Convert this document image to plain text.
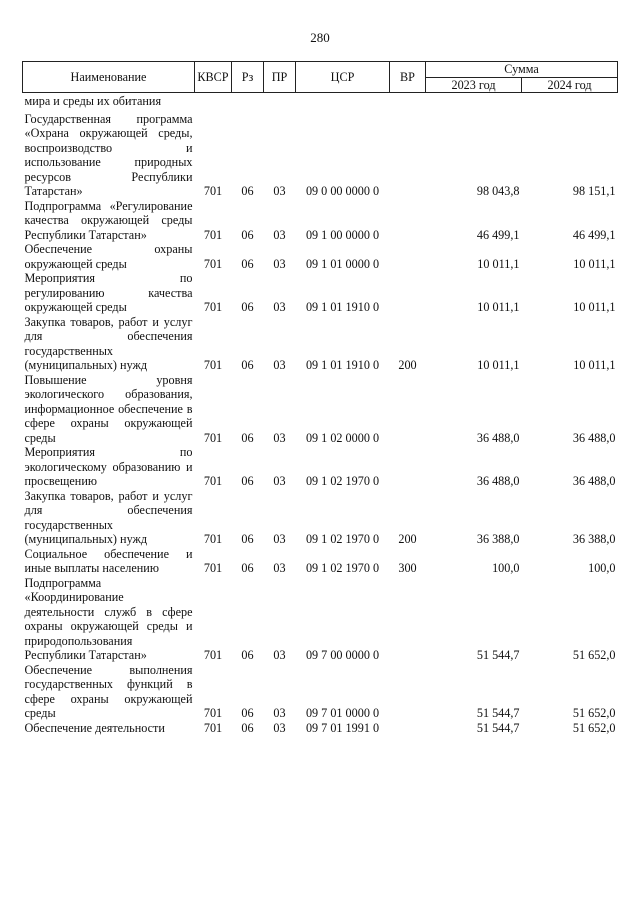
280
Наименование	КВСР	Рз	ПР	ЦСР	ВР	Сумма	
						2023 год	2024 год
мира и среды их обитания							
Государственная программа «Охрана окружающей среды, воспроизводство и использование природных ресурсов Республики Татарстан»	701	06	03	09 0 00 0000 0		98 043,8	98 151,1
Подпрограмма «Регулирование качества окружающей среды Республики Татарстан»	701	06	03	09 1 00 0000 0		46 499,1	46 499,1
Обеспечение охраны окружающей среды	701	06	03	09 1 01 0000 0		10 011,1	10 011,1
Мероприятия по регулированию качества окружающей среды	701	06	03	09 1 01 1910 0		10 011,1	10 011,1
Закупка товаров, работ и услуг для обеспечения государственных (муниципальных) нужд	701	06	03	09 1 01 1910 0	200	10 011,1	10 011,1
Повышение уровня экологического образования, информационное обеспечение в сфере охраны окружающей среды	701	06	03	09 1 02 0000 0		36 488,0	36 488,0
Мероприятия по экологическому образованию и просвещению	701	06	03	09 1 02 1970 0		36 488,0	36 488,0
Закупка товаров, работ и услуг для обеспечения государственных (муниципальных) нужд	701	06	03	09 1 02 1970 0	200	36 388,0	36 388,0
Социальное обеспечение и иные выплаты населению	701	06	03	09 1 02 1970 0	300	100,0	100,0
Подпрограмма «Координирование деятельности служб в сфере охраны окружающей среды и природопользования Республики Татарстан»	701	06	03	09 7 00 0000 0		51 544,7	51 652,0
Обеспечение выполнения государственных функций в сфере охраны окружающей среды	701	06	03	09 7 01 0000 0		51 544,7	51 652,0
Обеспечение деятельности	701	06	03	09 7 01 1991 0		51 544,7	51 652,0
